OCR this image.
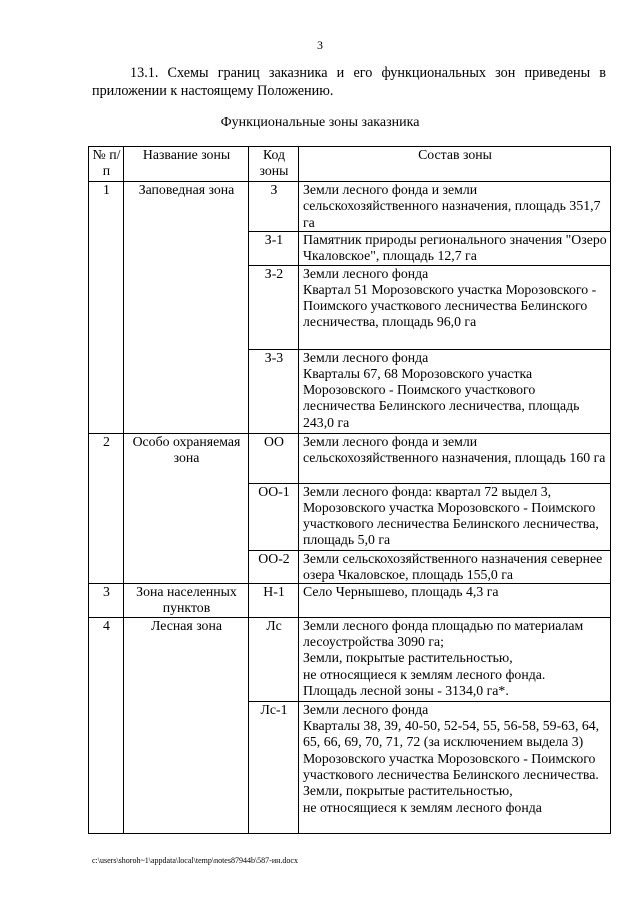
3
13.1. Схемы границ заказника и его функциональных зон приведены в приложении к настоящему Положению.
Функциональные зоны заказника
№ п/п	Название зоны	Код зоны	Состав зоны
1	Заповедная зона	З	Земли лесного фонда и земли сельскохозяйственного назначения, площадь 351,7 га
		З-1	Памятник природы регионального значения "Озеро Чкаловское", площадь 12,7 га
		З-2	Земли лесного фонда
Квартал 51 Морозовского участка Морозовского - Поимского участкового лесничества Белинского лесничества, площадь 96,0 га
		З-3	Земли лесного фонда
Кварталы 67, 68 Морозовского участка Морозовского - Поимского участкового лесничества Белинского лесничества, площадь 243,0 га
2	Особо охраняемая зона	ОО	Земли лесного фонда и земли сельскохозяйственного назначения, площадь 160 га
		ОО-1	Земли лесного фонда: квартал 72 выдел 3, Морозовского участка Морозовского - Поимского участкового лесничества Белинского лесничества, площадь 5,0 га
		ОО-2	Земли сельскохозяйственного назначения севернее озера Чкаловское, площадь 155,0 га
3	Зона населенных пунктов	Н-1	Село Чернышево, площадь 4,3 га
4	Лесная зона	Лс	Земли лесного фонда площадью по материалам лесоустройства 3090 га;
Земли, покрытые растительностью,
не относящиеся к землям лесного фонда.
Площадь лесной зоны - 3134,0 га*.
		Лс-1	Земли лесного фонда
Кварталы 38, 39, 40-50, 52-54, 55, 56-58, 59-63, 64, 65, 66, 69, 70, 71, 72 (за исключением выдела 3) Морозовского участка Морозовского - Поимского участкового лесничества Белинского лесничества.
Земли, покрытые растительностью,
не относящиеся к землям лесного фонда
c:\users\shoroh~1\appdata\local\temp\notes87944b\587-ин.docx
